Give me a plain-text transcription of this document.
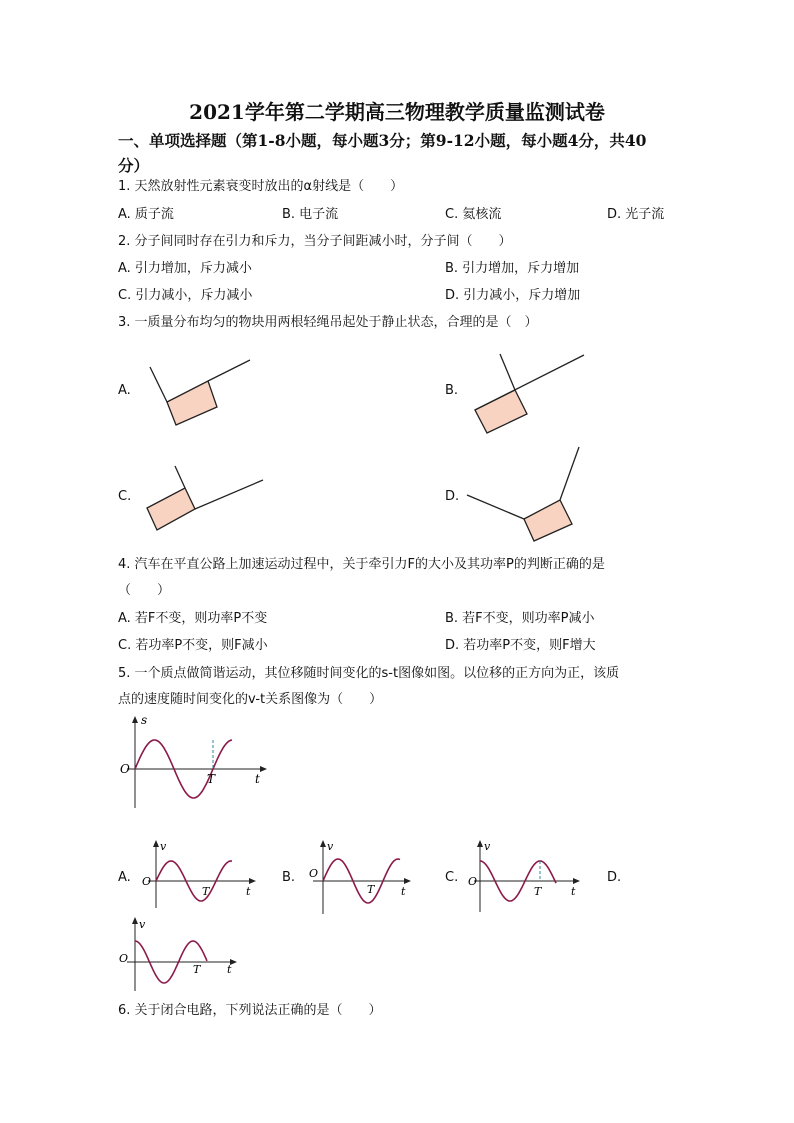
2021学年第二学期高三物理教学质量监测试卷
一、单项选择题（第1-8小题，每小题3分；第9-12小题，每小题4分，共40
分）
1. 天然放射性元素衰变时放出的α射线是（　　）
A. 质子流	B. 电子流	C. 氦核流	D. 光子流
2. 分子间同时存在引力和斥力，当分子间距减小时，分子间（　　）
A. 引力增加，斥力减小	B. 引力增加，斥力增加
C. 引力减小，斥力减小	D. 引力减小，斥力增加
3. 一质量分布均匀的物块用两根轻绳吊起处于静止状态，合理的是（　）
A.	B.
C.	D.
4. 汽车在平直公路上加速运动过程中，关于牵引力F的大小及其功率P的判断正确的是
（　　）
A. 若F不变，则功率P不变	B. 若F不变，则功率P减小
C. 若功率P不变，则F减小	D. 若功率P不变，则F增大
5. 一个质点做简谐运动，其位移随时间变化的s-t图像如图。以位移的正方向为正，该质
点的速度随时间变化的v-t关系图像为（　　）
s
O
T	t
A.
v
O
T	t
B.
v
O
T t
C.
v
O
T	t
D.
v
O
T t
6. 关于闭合电路，下列说法正确的是（　　）
